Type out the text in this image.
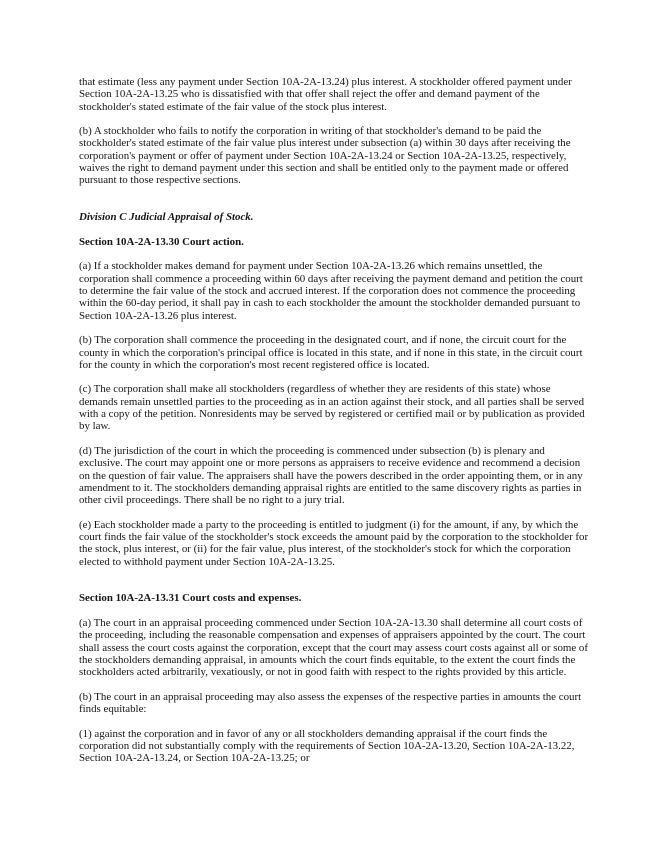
that estimate (less any payment under Section 10A-2A-13.24) plus interest. A stockholder offered payment under Section 10A-2A-13.25 who is dissatisfied with that offer shall reject the offer and demand payment of the stockholder's stated estimate of the fair value of the stock plus interest.

(b) A stockholder who fails to notify the corporation in writing of that stockholder's demand to be paid the stockholder's stated estimate of the fair value plus interest under subsection (a) within 30 days after receiving the corporation's payment or offer of payment under Section 10A-2A-13.24 or Section 10A-2A-13.25, respectively, waives the right to demand payment under this section and shall be entitled only to the payment made or offered pursuant to those respective sections.

Division C Judicial Appraisal of Stock.

Section 10A-2A-13.30 Court action.

(a) If a stockholder makes demand for payment under Section 10A-2A-13.26 which remains unsettled, the corporation shall commence a proceeding within 60 days after receiving the payment demand and petition the court to determine the fair value of the stock and accrued interest. If the corporation does not commence the proceeding within the 60-day period, it shall pay in cash to each stockholder the amount the stockholder demanded pursuant to Section 10A-2A-13.26 plus interest.

(b) The corporation shall commence the proceeding in the designated court, and if none, the circuit court for the county in which the corporation's principal office is located in this state, and if none in this state, in the circuit court for the county in which the corporation's most recent registered office is located.

(c) The corporation shall make all stockholders (regardless of whether they are residents of this state) whose demands remain unsettled parties to the proceeding as in an action against their stock, and all parties shall be served with a copy of the petition. Nonresidents may be served by registered or certified mail or by publication as provided by law.

(d) The jurisdiction of the court in which the proceeding is commenced under subsection (b) is plenary and exclusive. The court may appoint one or more persons as appraisers to receive evidence and recommend a decision on the question of fair value. The appraisers shall have the powers described in the order appointing them, or in any amendment to it. The stockholders demanding appraisal rights are entitled to the same discovery rights as parties in other civil proceedings. There shall be no right to a jury trial.

(e) Each stockholder made a party to the proceeding is entitled to judgment (i) for the amount, if any, by which the court finds the fair value of the stockholder's stock exceeds the amount paid by the corporation to the stockholder for the stock, plus interest, or (ii) for the fair value, plus interest, of the stockholder's stock for which the corporation elected to withhold payment under Section 10A-2A-13.25.

Section 10A-2A-13.31 Court costs and expenses.

(a) The court in an appraisal proceeding commenced under Section 10A-2A-13.30 shall determine all court costs of the proceeding, including the reasonable compensation and expenses of appraisers appointed by the court. The court shall assess the court costs against the corporation, except that the court may assess court costs against all or some of the stockholders demanding appraisal, in amounts which the court finds equitable, to the extent the court finds the stockholders acted arbitrarily, vexatiously, or not in good faith with respect to the rights provided by this article.

(b) The court in an appraisal proceeding may also assess the expenses of the respective parties in amounts the court finds equitable:

(1) against the corporation and in favor of any or all stockholders demanding appraisal if the court finds the corporation did not substantially comply with the requirements of Section 10A-2A-13.20, Section 10A-2A-13.22, Section 10A-2A-13.24, or Section 10A-2A-13.25; or
